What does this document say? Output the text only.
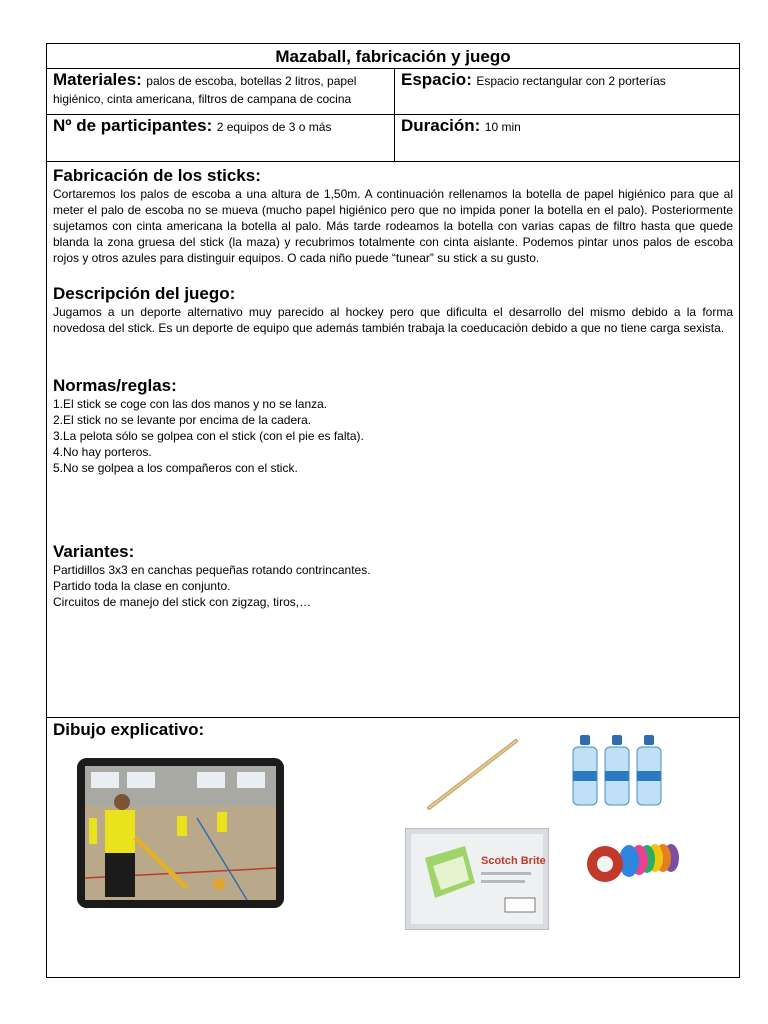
Mazaball, fabricación y juego
Materiales: palos de escoba, botellas 2 litros, papel higiénico, cinta americana, filtros de campana de cocina
Espacio: Espacio rectangular con 2 porterías
Nº de participantes: 2 equipos de 3 o más	Duración: 10 min
Fabricación de los sticks:

Cortaremos los palos de escoba a una altura de 1,50m. A continuación rellenamos la botella de papel higiénico para que al meter el palo de escoba no se mueva (mucho papel higiénico pero que no impida poner la botella en el palo). Posteriormente sujetamos con cinta americana la botella al palo. Más tarde rodeamos la botella con varias capas de filtro hasta que quede blanda la zona gruesa del stick (la maza) y recubrimos totalmente con cinta aislante. Podemos pintar unos palos de escoba rojos y otros azules para distinguir equipos. O cada niño puede “tunear” su stick a su gusto.

Descripción del juego:

Jugamos a un deporte alternativo muy parecido al hockey pero que dificulta el desarrollo del mismo debido a la forma novedosa del stick. Es un deporte de equipo que además también trabaja la coeducación debido a que no tiene carga sexista.

Normas/reglas:

1.El stick se coge con las dos manos y no se lanza.

2.El stick no se levante por encima de la cadera.

3.La pelota sólo se golpea con el stick (con el pie es falta).

4.No hay porteros.

5.No se golpea a los compañeros con el stick.

Variantes:

Partidillos 3x3 en canchas pequeñas rotando contrincantes.

Partido toda la clase en conjunto.

Circuitos de manejo del stick con zigzag, tiros,…

Dibujo explicativo:
Scotch Brite
